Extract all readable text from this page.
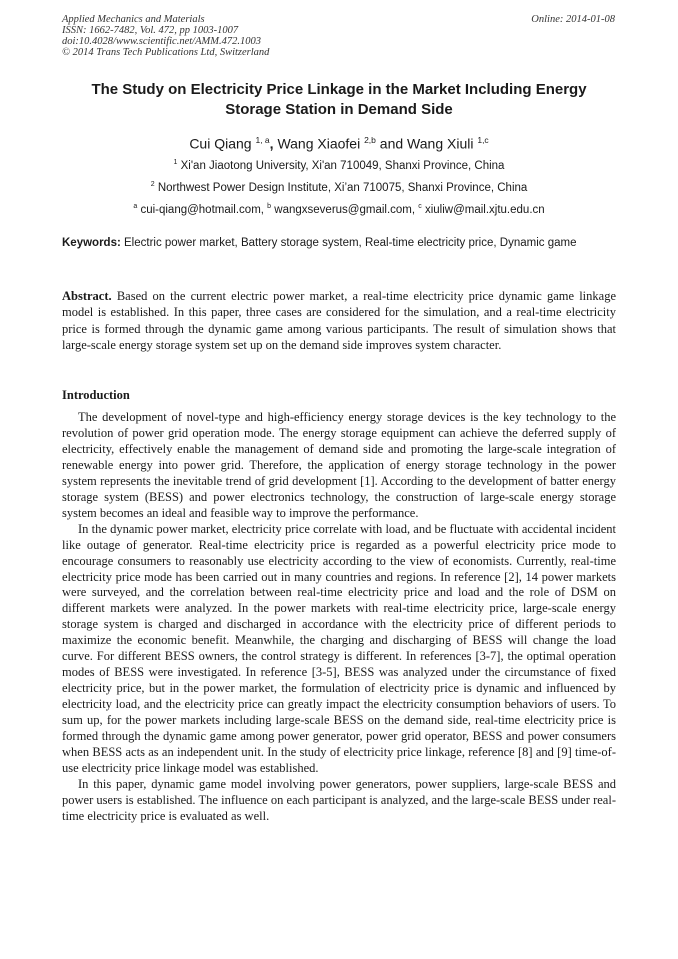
Applied Mechanics and Materials
ISSN: 1662-7482, Vol. 472, pp 1003-1007
doi:10.4028/www.scientific.net/AMM.472.1003
© 2014 Trans Tech Publications Ltd, Switzerland
Online: 2014-01-08
The Study on Electricity Price Linkage in the Market Including Energy Storage Station in Demand Side
Cui Qiang $^{1, a}$, Wang Xiaofei $^{2,b}$ and Wang Xiuli $^{1,c}$
$^1$ Xi'an Jiaotong University, Xi'an 710049, Shanxi Province, China
$^2$ Northwest Power Design Institute, Xi’an 710075, Shanxi Province, China
$^a$ cui-qiang@hotmail.com, $^b$ wangxseverus@gmail.com, $^c$ xiuliw@mail.xjtu.edu.cn
Keywords: Electric power market, Battery storage system, Real-time electricity price, Dynamic game
Abstract. Based on the current electric power market, a real-time electricity price dynamic game linkage model is established. In this paper, three cases are considered for the simulation, and a real-time electricity price is formed through the dynamic game among various participants. The result of simulation shows that large-scale energy storage system set up on the demand side improves system character.
Introduction

The development of novel-type and high-efficiency energy storage devices is the key technology to the revolution of power grid operation mode. The energy storage equipment can achieve the deferred supply of electricity, effectively enable the management of demand side and promoting the large-scale integration of renewable energy into power grid. Therefore, the application of energy storage technology in the power system represents the inevitable trend of grid development [1]. According to the development of batter energy storage system (BESS) and power electronics technology, the construction of large-scale energy storage system becomes an ideal and feasible way to improve the performance.

In the dynamic power market, electricity price correlate with load, and be fluctuate with accidental incident like outage of generator. Real-time electricity price is regarded as a powerful electricity price mode to encourage consumers to reasonably use electricity according to the view of economists. Currently, real-time electricity price mode has been carried out in many countries and regions. In reference [2], 14 power markets were surveyed, and the correlation between real-time electricity price and load and the role of DSM on different markets were analyzed. In the power markets with real-time electricity price, large-scale energy storage system is charged and discharged in accordance with the electricity price of different periods to maximize the economic benefit. Meanwhile, the charging and discharging of BESS will change the load curve. For different BESS owners, the control strategy is different. In references [3-7], the optimal operation modes of BESS were investigated. In reference [3-5], BESS was analyzed under the circumstance of fixed electricity price, but in the power market, the formulation of electricity price is dynamic and influenced by electricity load, and the electricity price can greatly impact the electricity consumption behaviors of users. To sum up, for the power markets including large-scale BESS on the demand side, real-time electricity price is formed through the dynamic game among power generator, power grid operator, BESS and power consumers when BESS acts as an independent unit. In the study of electricity price linkage, reference [8] and [9] time-of-use electricity price linkage model was established.

In this paper, dynamic game model involving power generators, power suppliers, large-scale BESS and power users is established. The influence on each participant is analyzed, and the large-scale BESS under real-time electricity price is evaluated as well.
